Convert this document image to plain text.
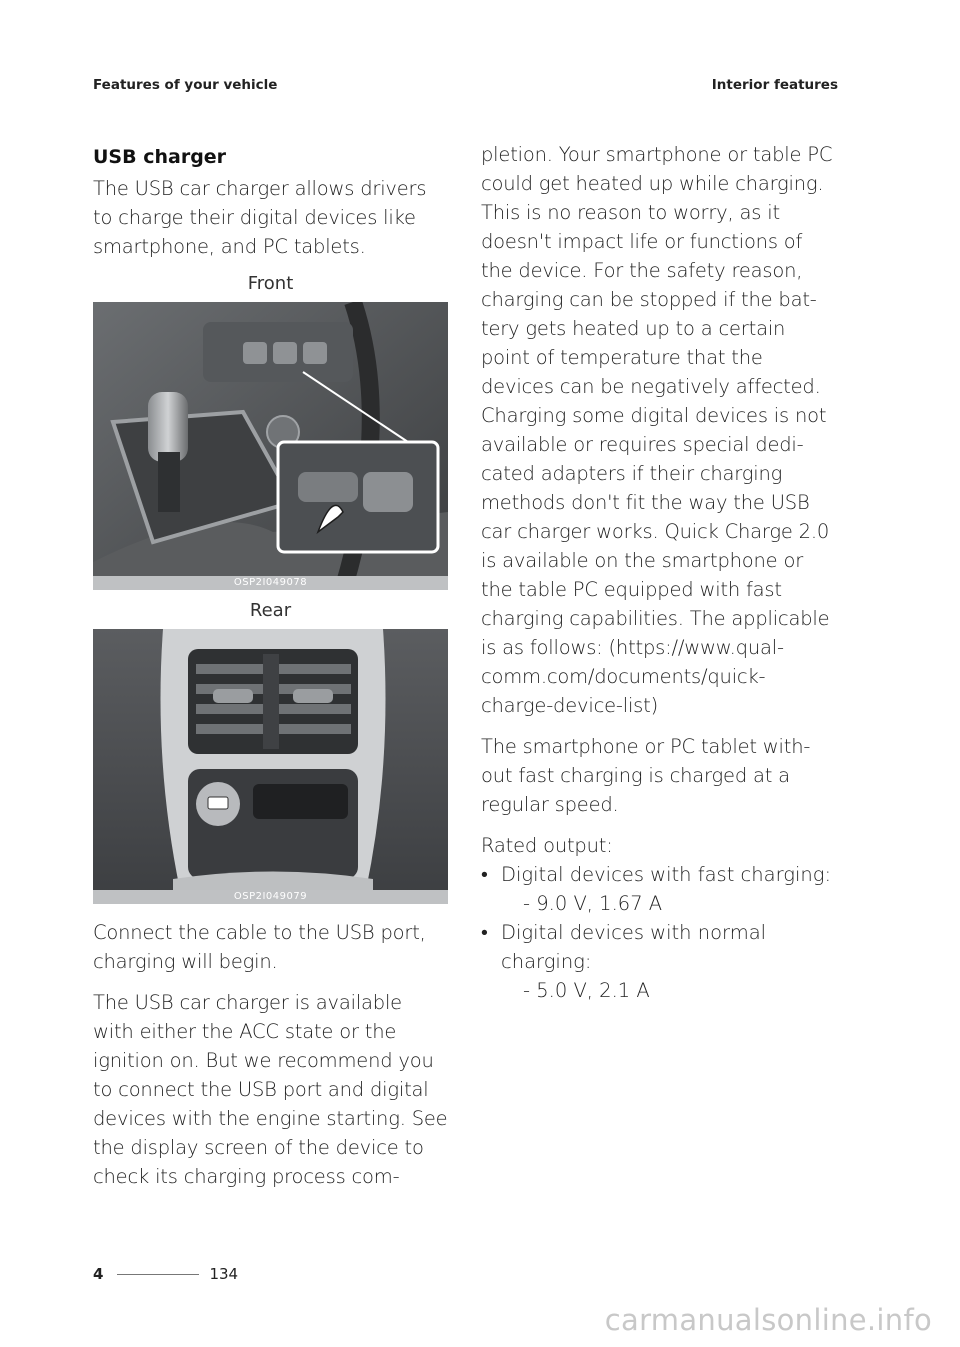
Features of your vehicle	Interior features
USB charger

The USB car charger allows drivers to charge their digital devices like smartphone, and PC tablets.

Front
OSP2I049078
Rear
OSP2I049079

Connect the cable to the USB port, charging will begin.

The USB car charger is available with either the ACC state or the ignition on. But we recommend you to connect the USB port and digital devices with the engine starting. See the display screen of the device to check its charging process com-

pletion. Your smartphone or table PC could get heated up while charging. This is no reason to worry, as it doesn't impact life or functions of the device. For the safety reason, charging can be stopped if the bat- tery gets heated up to a certain point of temperature that the devices can be negatively affected. Charging some digital devices is not available or requires special dedi- cated adapters if their charging methods don't fit the way the USB car charger works. Quick Charge 2.0 is available on the smartphone or the table PC equipped with fast charging capabilities. The applicable is as follows: (https://www.qual- comm.com/documents/quick- charge-device-list)

The smartphone or PC tablet with- out fast charging is charged at a regular speed.

Rated output:

• Digital devices with fast charging:
- 9.0 V, 1.67 A
• Digital devices with normal charging:
- 5.0 V, 2.1 A
4	134
carmanualsonline.info
